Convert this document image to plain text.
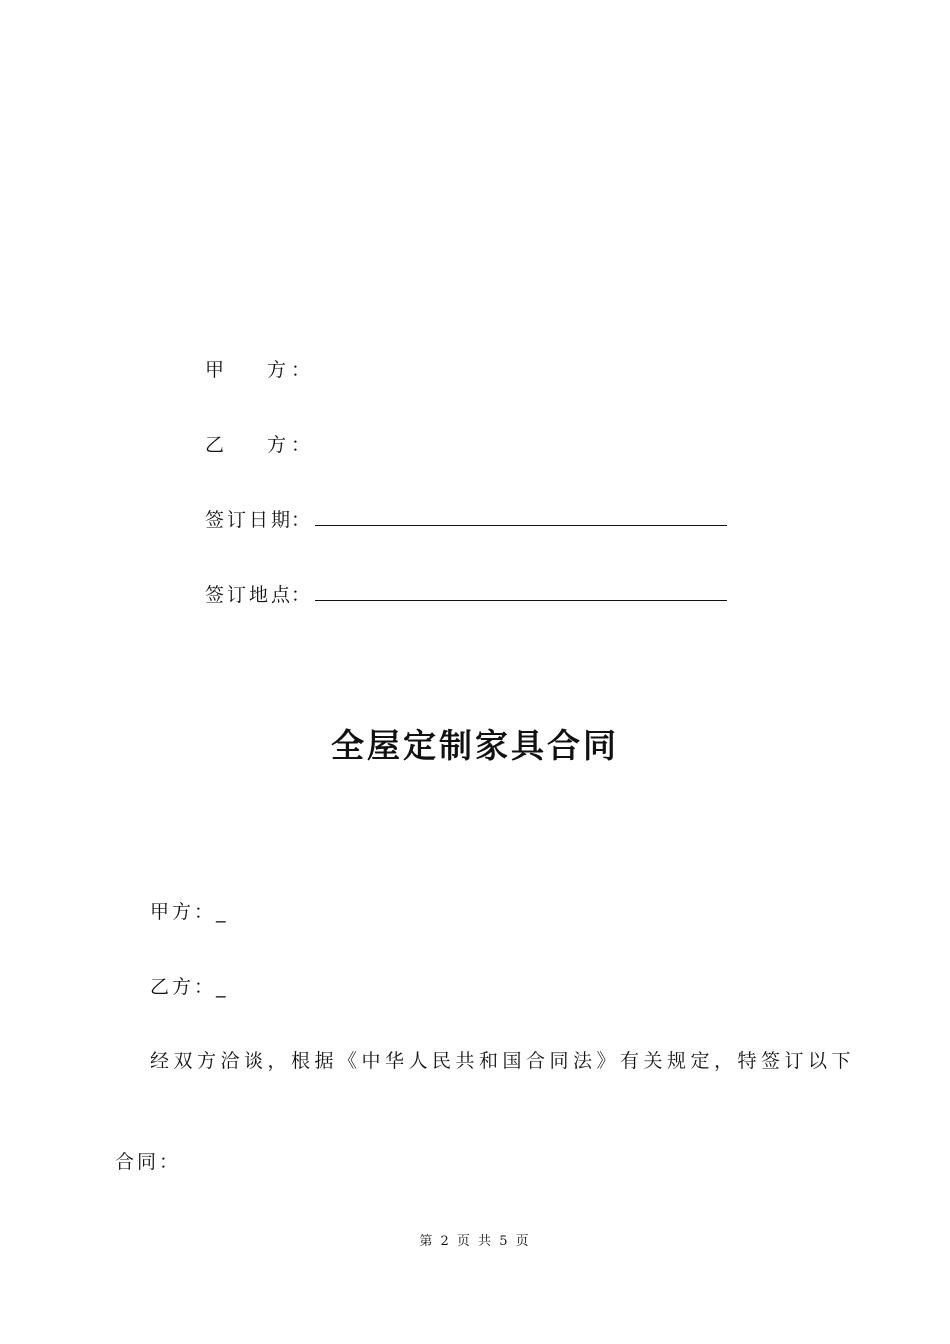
甲 方 ：
乙 方 ：
签订日期
：
签订地点
：
全屋定制家具合同
甲方：_
乙方：_
经双方洽谈，根据《中华人民共和国合同法》有关规定，特签订以下
合同：
第 2 页 共 5 页
